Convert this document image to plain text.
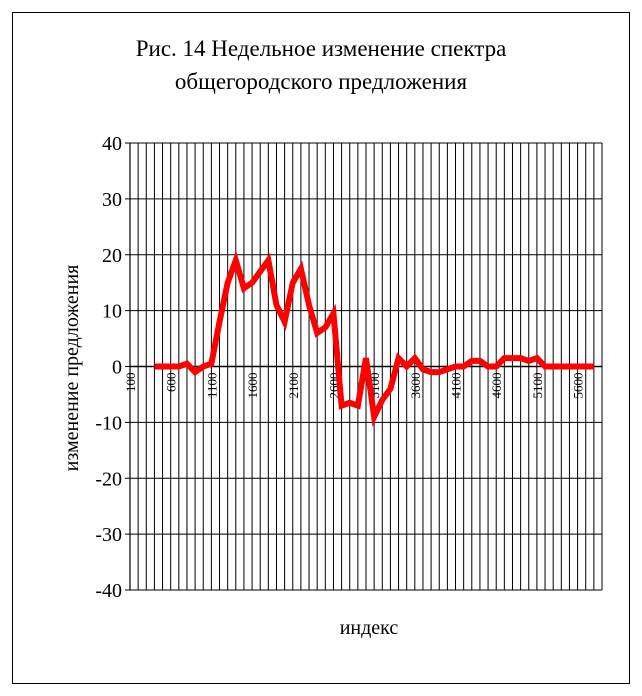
Рис. 14 Недельное изменение спектра
общегородского предложения
40
30
20
10
0
-10
-20
-30
-40
100 600 1100 1600 2100 2600 3100 3600 4100 4600 5100 5600
изменение предложения
индекс
